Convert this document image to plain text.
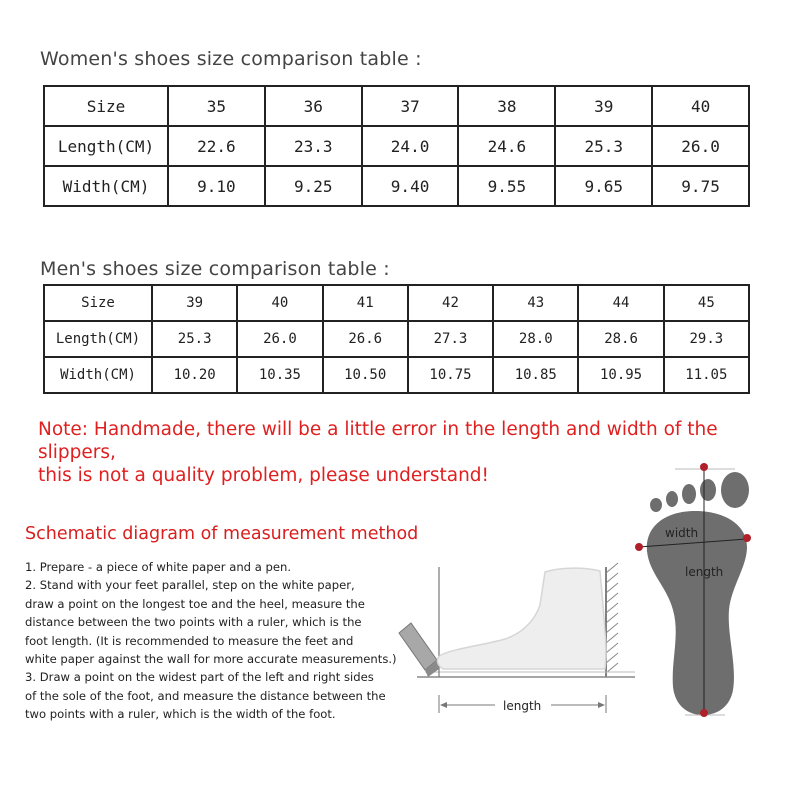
Women's shoes size comparison table :
Size	35	36	37	38	39	40
Length(CM)	22.6	23.3	24.0	24.6	25.3	26.0
Width(CM)	9.10	9.25	9.40	9.55	9.65	9.75
Men's shoes size comparison table :
Size	39	40	41	42	43	44	45
Length(CM)	25.3	26.0	26.6	27.3	28.0	28.6	29.3
Width(CM)	10.20	10.35	10.50	10.75	10.85	10.95	11.05
Note: Handmade, there will be a little error in the length and width of the slippers,
this is not a quality problem, please understand!
Schematic diagram of measurement method
1. Prepare - a piece of white paper and a pen.
2. Stand with your feet parallel, step on the white paper,
draw a point on the longest toe and the heel, measure the
distance between the two points with a ruler, which is the
foot length. (It is recommended to measure the feet and
white paper against the wall for more accurate measurements.)
3. Draw a point on the widest part of the left and right sides
of the sole of the foot, and measure the distance between the
two points with a ruler, which is the width of the foot.
length
width
length
